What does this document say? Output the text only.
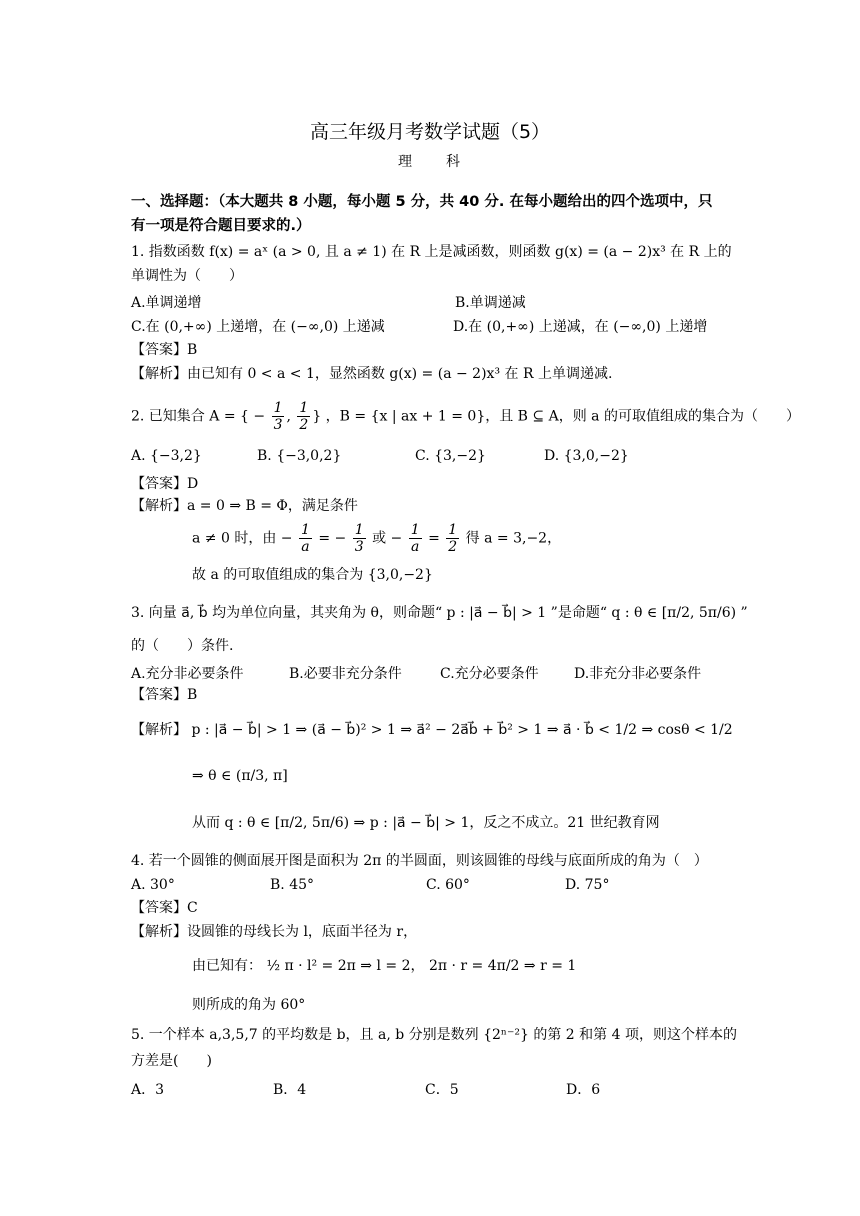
高三年级月考数学试题（5）
理　　科
一、选择题：（本大题共 8 小题，每小题 5 分，共 40 分. 在每小题给出的四个选项中，只
有一项是符合题目要求的.）
1. 指数函数 f(x) = aˣ (a > 0, 且 a ≠ 1) 在 R 上是减函数，则函数 g(x) = (a − 2)x³ 在 R 上的
单调性为（　　）
A.单调递增	B.单调递减
C.在 (0,+∞) 上递增，在 (−∞,0) 上递减	D.在 (0,+∞) 上递减，在 (−∞,0) 上递增
【答案】B
【解析】由已知有 0 < a < 1，显然函数 g(x) = (a − 2)x³ 在 R 上单调递减.
2. 已知集合 A = { − $\frac{1}{3}$ , $\frac{1}{2}$ } ，B = {x | ax + 1 = 0}，且 B ⊆ A，则 a 的可取值组成的集合为（　　）
A. {−3,2}	B. {−3,0,2}	C. {3,−2}	D. {3,0,−2}
【答案】D
【解析】a = 0 ⇒ B = Φ，满足条件
a ≠ 0 时，由 − $\frac{1}{a}$ = − $\frac{1}{3}$ 或 − $\frac{1}{a} = \frac{1}{2}$ 得 a = 3,−2，
故 a 的可取值组成的集合为 {3,0,−2}
3. 向量 a⃗, b⃗ 均为单位向量，其夹角为 θ，则命题“ p : |a⃗ − b⃗| > 1 ”是命题“ q : θ ∈ [π/2, 5π/6) ”
的（　　）条件.
A.充分非必要条件	B.必要非充分条件	C.充分必要条件	D.非充分非必要条件
【答案】B
【解析】 p : |a⃗ − b⃗| > 1 ⇒ (a⃗ − b⃗)² > 1 ⇒ a⃗² − 2a⃗b⃗ + b⃗² > 1 ⇒ a⃗ · b⃗ < 1/2 ⇒ cosθ < 1/2
⇒ θ ∈ (π/3, π]
从而 q : θ ∈ [π/2, 5π/6) ⇒ p : |a⃗ − b⃗| > 1，反之不成立。21 世纪教育网
4. 若一个圆锥的侧面展开图是面积为 2π 的半圆面，则该圆锥的母线与底面所成的角为（　）
A. 30°	B. 45°	C. 60°	D. 75°
【答案】C
【解析】设圆锥的母线长为 l，底面半径为 r，
由已知有： ½ π · l² = 2π ⇒ l = 2， 2π · r = 4π/2 ⇒ r = 1
则所成的角为 60°
5. 一个样本 a,3,5,7 的平均数是 b，且 a, b 分别是数列 {2ⁿ⁻²} 的第 2 和第 4 项，则这个样本的
方差是(　　)
A．3	B．4	C．5	D．6
